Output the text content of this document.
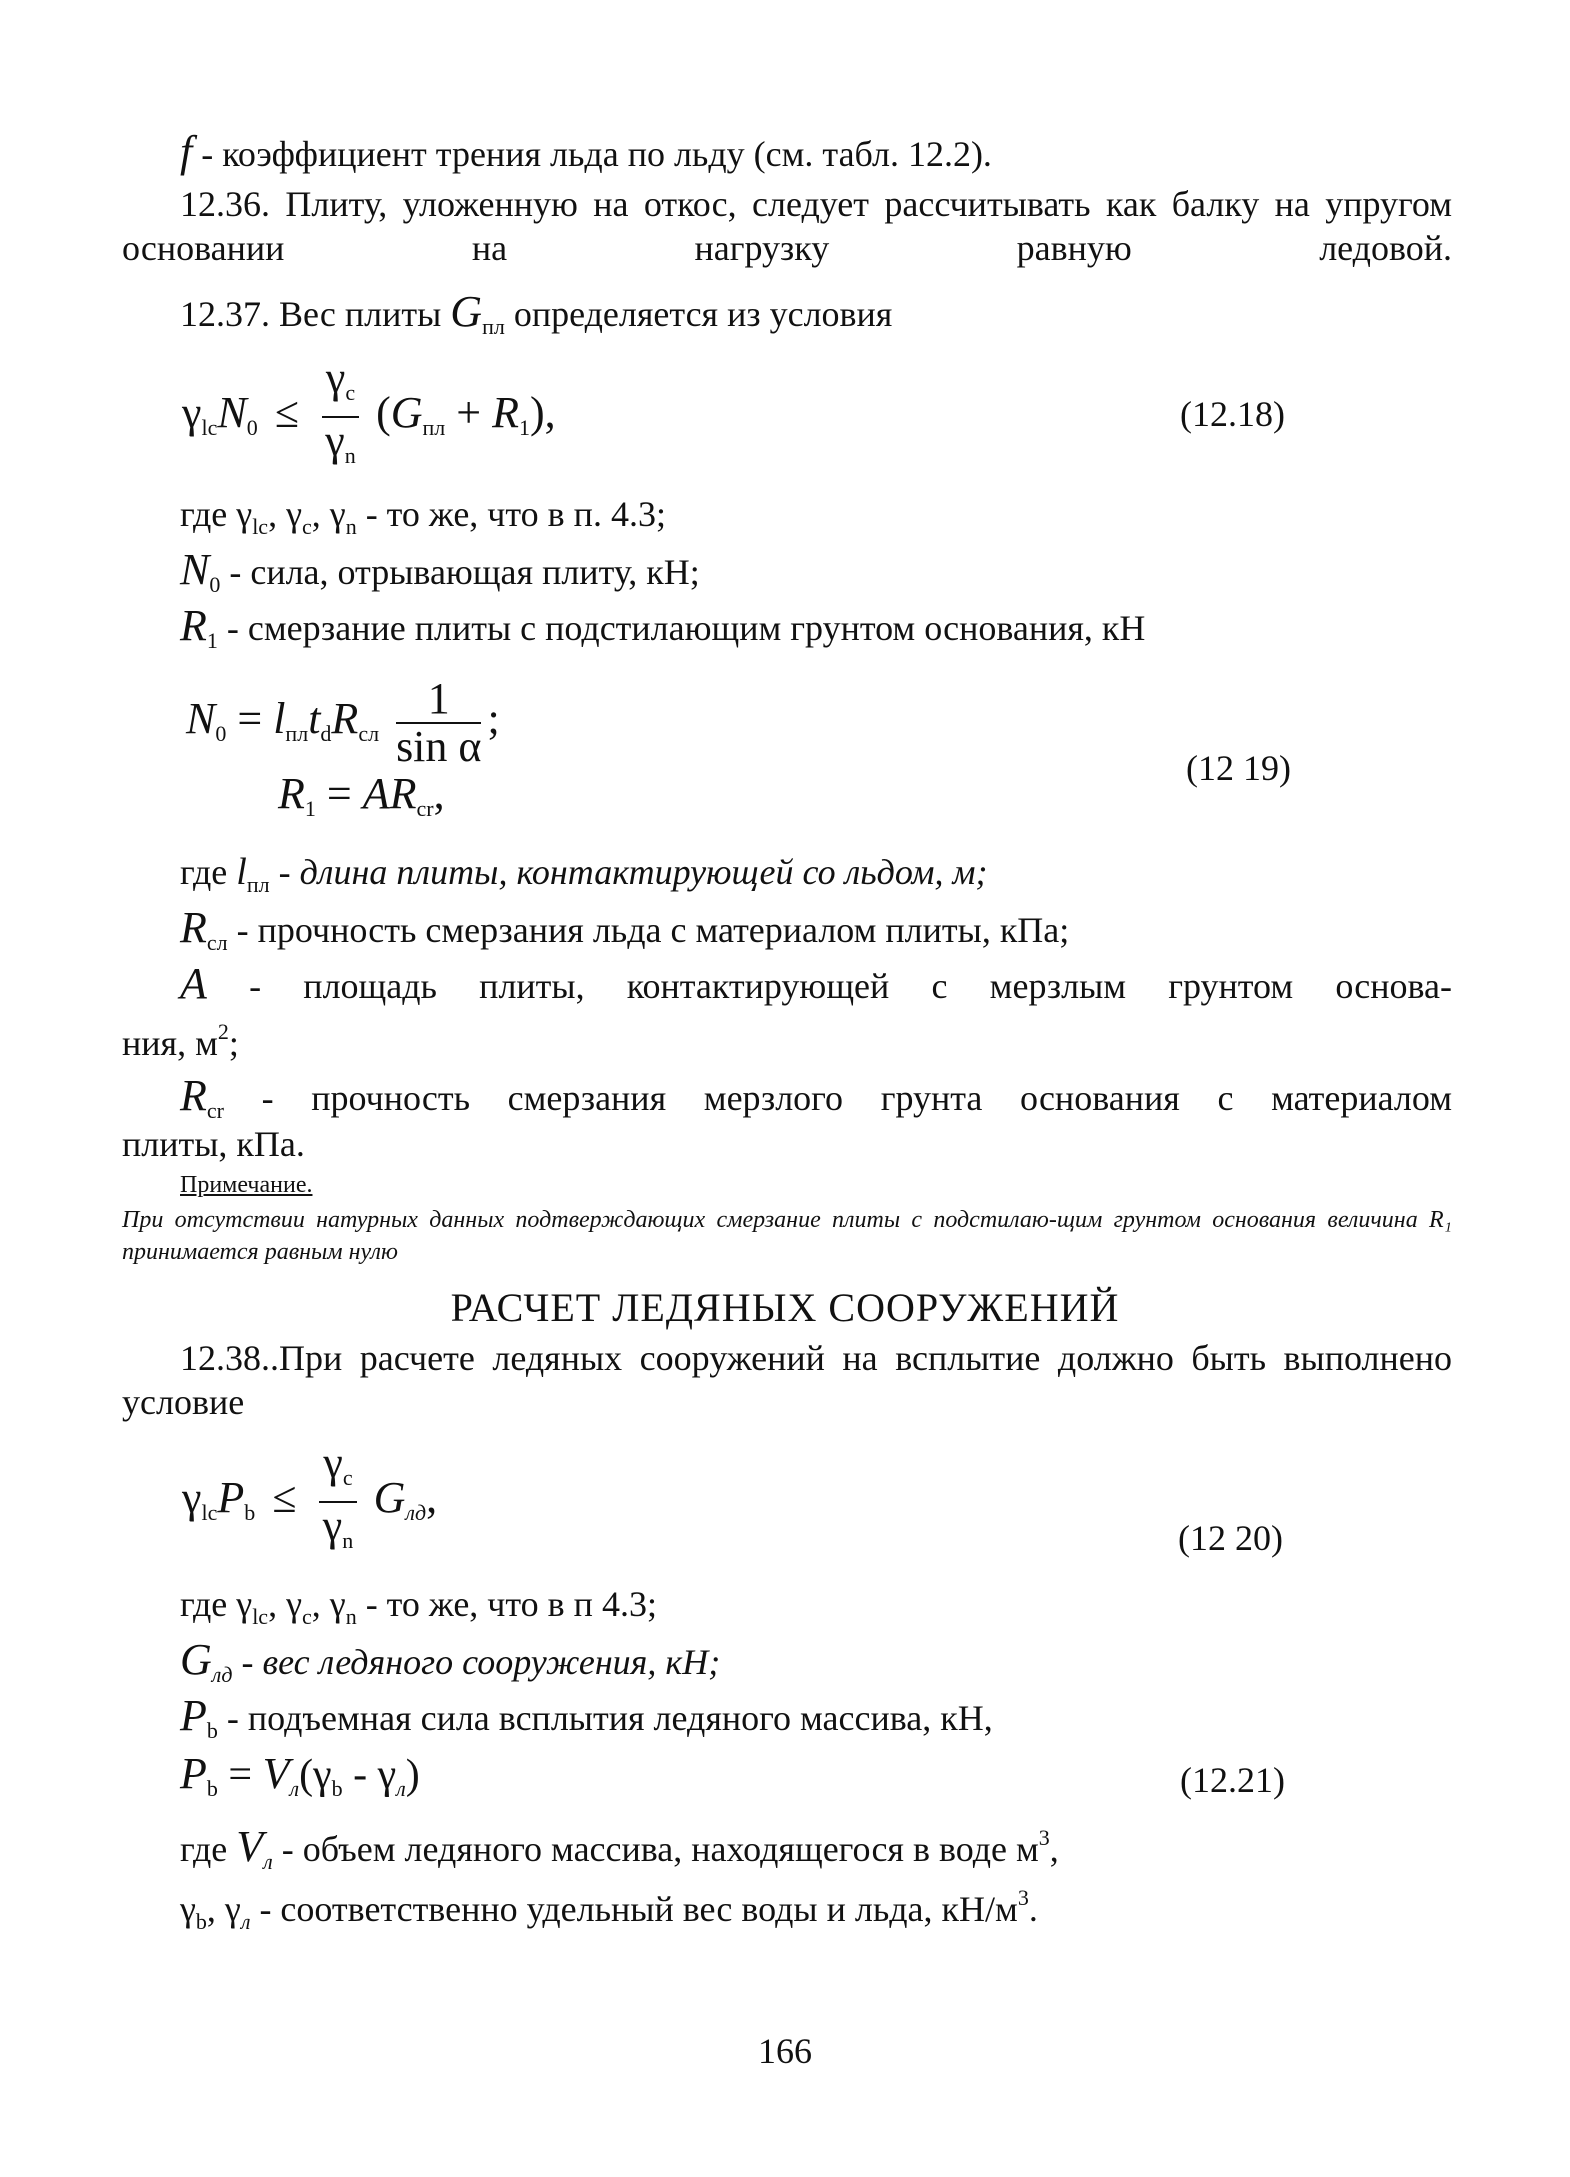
f - коэффициент трения льда по льду (см. табл. 12.2).
12.36. Плиту, уложенную на откос, следует рассчитывать как балку на упругом основании на нагрузку равную ледовой.
12.37. Вес плиты $G_{пл}$ определяется из условия
$\gamma_{lc}N_0 \le \frac{\gamma_c}{\gamma_n} (G_{пл} + R_1)$,	(12.18)
где $\gamma_{lc}$, $\gamma_c$, $\gamma_n$ - то же, что в п. 4.3;
$N_0$ - сила, отрывающая плиту, кН;
$R_1$ - смерзание плиты с подстилающим грунтом основания, кН
$N_0 = l_{пл}t_dR_{сл} \frac{1}{\text{sin α}}$ ;
$R_1 = AR_{cr}$,
(12 19)
где $l_{пл}$ - длина плиты, контактирующей со льдом, м;
$R_{сл}$ - прочность смерзания льда с материалом плиты, кПа;
A - площадь плиты, контактирующей с мерзлым грунтом основа-
ния, $м^2$;
$R_{cr}$ - прочность смерзания мерзлого грунта основания с материалом
плиты, кПа.
Примечание.
При отсутствии натурных данных подтверждающих смерзание плиты с подстилаю-щим грунтом основания величина R₁ принимается равным нулю
РАСЧЕТ ЛЕДЯНЫХ СООРУЖЕНИЙ
12.38..При расчете ледяных сооружений на всплытие должно быть выполнено условие
$\gamma_{lc}P_b \le \frac{\gamma_c}{\gamma_n}$ Gлд,
(12 20)
где $\gamma_{lc}$, $\gamma_c$, $\gamma_n$ - то же, что в п 4.3;
$G_{лд}$ - вес ледяного сооружения, кН;
$P_b$ - подъемная сила всплытия ледяного массива, кН,
$P_b = Vл(\gamma_b - \gamma л)$	(12.21)
где $V_л$ - объем ледяного массива, находящегося в воде $м^3$,
$\gamma_b$, $\gamma_л$ - соответственно удельный вес воды и льда, $кН/м^3$.
166
